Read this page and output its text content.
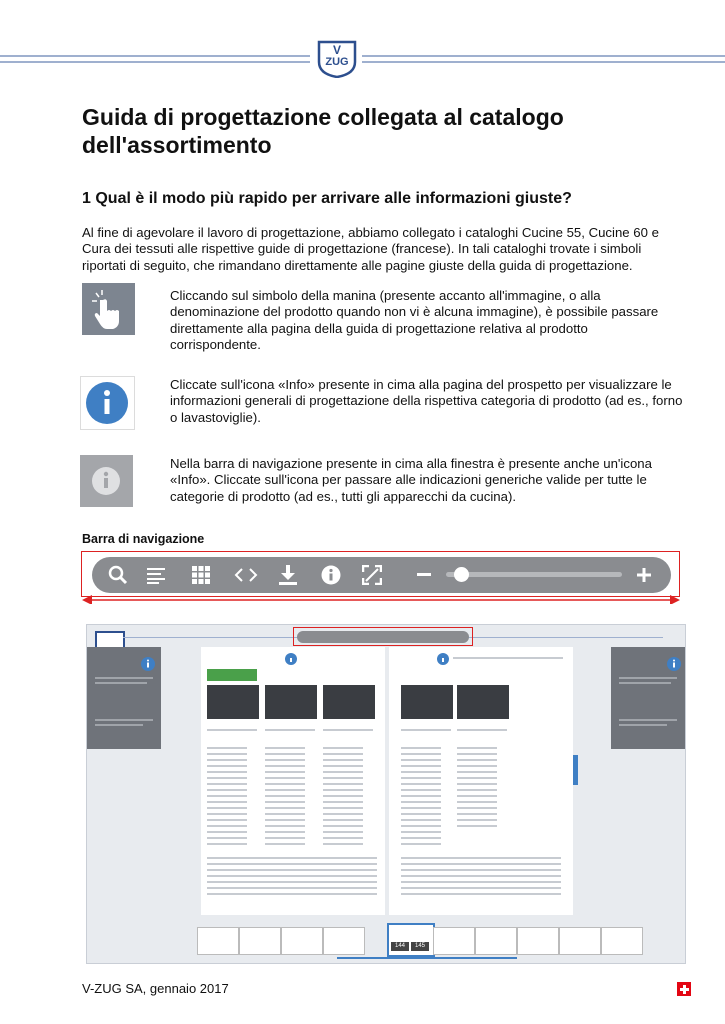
V
ZUG
Guida di progettazione collegata al catalogo dell'assortimento
1 Qual è il modo più rapido per arrivare alle informazioni giuste?

Al fine di agevolare il lavoro di progettazione, abbiamo collegato i cataloghi Cucine 55, Cucine 60 e Cura dei tessuti alle rispettive guide di progettazione (francese). In tali cataloghi trovate i simboli riportati di seguito, che rimandano direttamente alle pagine giuste della guida di progettazione.

Cliccando sul simbolo della manina (presente accanto all'immagine, o alla denominazione del prodotto quando non vi è alcuna immagine), è possibile passare direttamente alla pagina della guida di progettazione relativa al prodotto corrispondente.

Cliccate sull'icona «Info» presente in cima alla pagina del prospetto per visualizzare le informazioni generali di progettazione della rispettiva categoria di prodotto (ad es., forno o lavastoviglie).

Nella barra di navigazione presente in cima alla finestra è presente anche un'icona «Info». Cliccate sull'icona per passare alle indicazioni generiche valide per tutte le categorie di prodotto (ad es., tutti gli apparecchi da cucina).

Barra di navigazione
144	145
V-ZUG SA, gennaio 2017
